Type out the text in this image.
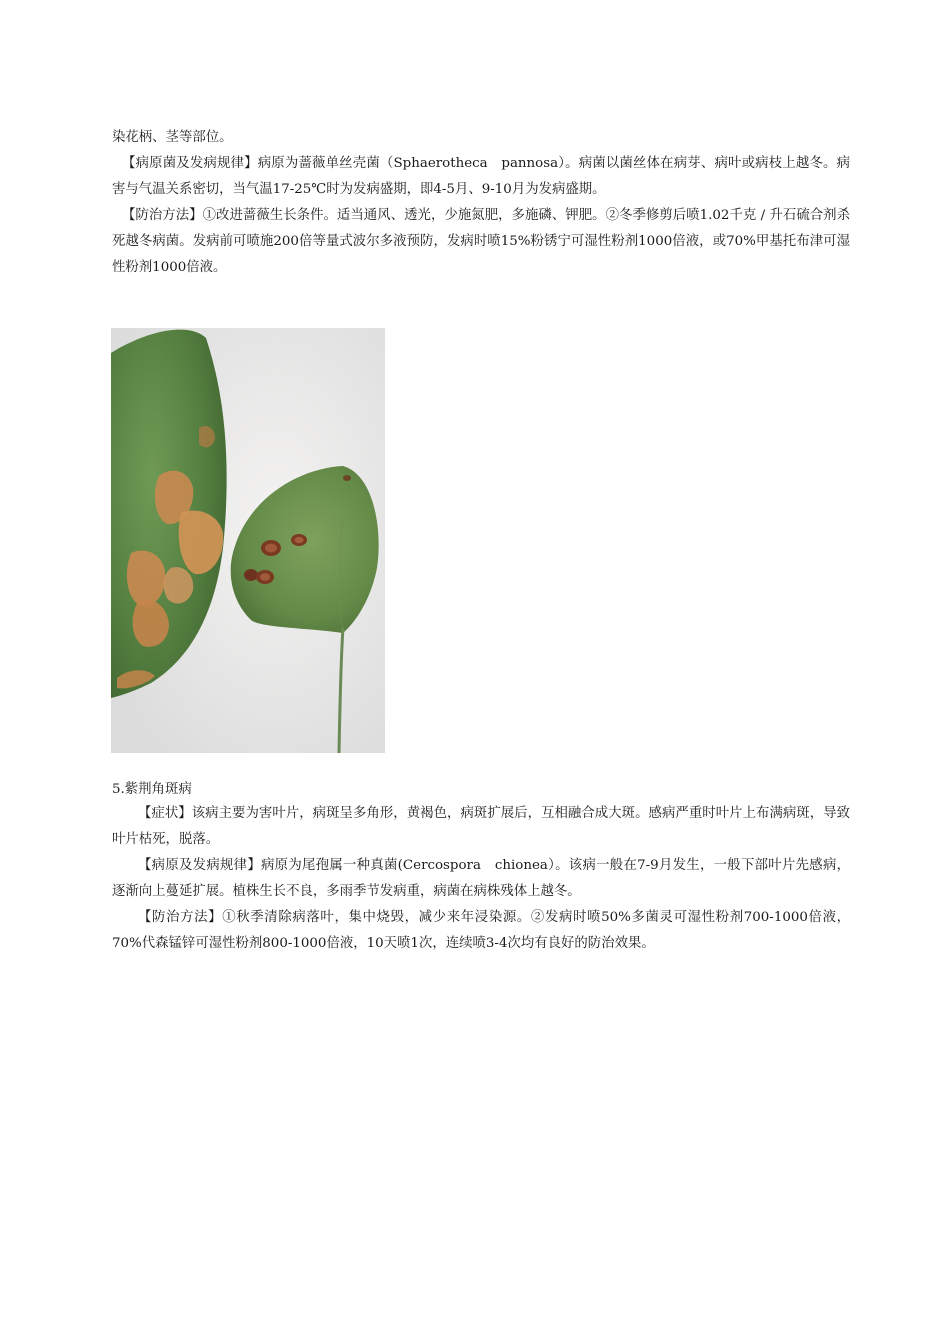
染花柄、茎等部位。

【病原菌及发病规律】病原为蔷薇单丝壳菌（Sphaerotheca　pannosa）。病菌以菌丝体在病芽、病叶或病枝上越冬。病害与气温关系密切，当气温17-25℃时为发病盛期，即4-5月、9-10月为发病盛期。

【防治方法】①改进蔷薇生长条件。适当通风、透光，少施氮肥，多施磷、钾肥。②冬季修剪后喷1.02千克 / 升石硫合剂杀死越冬病菌。发病前可喷施200倍等量式波尔多液预防，发病时喷15%粉锈宁可湿性粉剂1000倍液，或70%甲基托布津可湿性粉剂1000倍液。

5.紫荆角斑病

【症状】该病主要为害叶片，病斑呈多角形，黄褐色，病斑扩展后，互相融合成大斑。感病严重时叶片上布满病斑，导致叶片枯死，脱落。

【病原及发病规律】病原为尾孢属一种真菌(Cercospora　chionea）。该病一般在7-9月发生，一般下部叶片先感病，逐渐向上蔓延扩展。植株生长不良，多雨季节发病重，病菌在病株残体上越冬。

【防治方法】①秋季清除病落叶，集中烧毁，减少来年浸染源。②发病时喷50%多菌灵可湿性粉剂700-1000倍液，70%代森锰锌可湿性粉剂800-1000倍液，10天喷1次，连续喷3-4次均有良好的防治效果。
